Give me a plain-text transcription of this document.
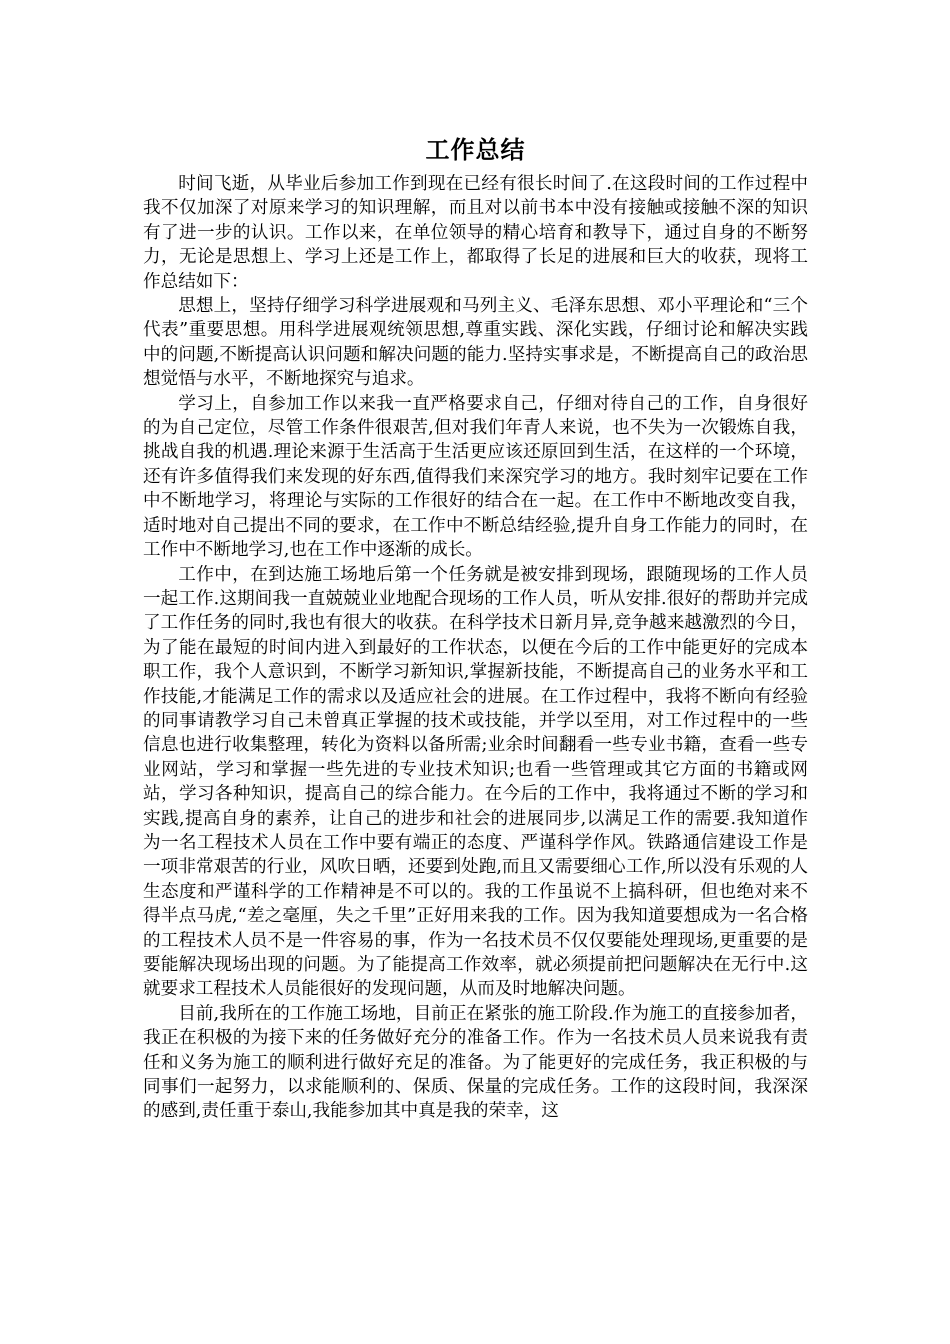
工作总结

时间飞逝，从毕业后参加工作到现在已经有很长时间了.在这段时间的工作过程中我不仅加深了对原来学习的知识理解，而且对以前书本中没有接触或接触不深的知识有了进一步的认识。工作以来，在单位领导的精心培育和教导下，通过自身的不断努力，无论是思想上、学习上还是工作上，都取得了长足的进展和巨大的收获，现将工作总结如下：

思想上，坚持仔细学习科学进展观和马列主义、毛泽东思想、邓小平理论和“三个代表”重要思想。用科学进展观统领思想,尊重实践、深化实践，仔细讨论和解决实践中的问题,不断提高认识问题和解决问题的能力.坚持实事求是，不断提高自己的政治思想觉悟与水平，不断地探究与追求。

学习上，自参加工作以来我一直严格要求自己，仔细对待自己的工作，自身很好的为自己定位，尽管工作条件很艰苦,但对我们年青人来说，也不失为一次锻炼自我，挑战自我的机遇.理论来源于生活高于生活更应该还原回到生活，在这样的一个环境，还有许多值得我们来发现的好东西,值得我们来深究学习的地方。我时刻牢记要在工作中不断地学习，将理论与实际的工作很好的结合在一起。在工作中不断地改变自我，适时地对自己提出不同的要求，在工作中不断总结经验,提升自身工作能力的同时，在工作中不断地学习,也在工作中逐渐的成长。

工作中，在到达施工场地后第一个任务就是被安排到现场，跟随现场的工作人员一起工作.这期间我一直兢兢业业地配合现场的工作人员，听从安排.很好的帮助并完成了工作任务的同时,我也有很大的收获。在科学技术日新月异,竞争越来越激烈的今日，为了能在最短的时间内进入到最好的工作状态，以便在今后的工作中能更好的完成本职工作，我个人意识到，不断学习新知识,掌握新技能，不断提高自己的业务水平和工作技能,才能满足工作的需求以及适应社会的进展。在工作过程中，我将不断向有经验的同事请教学习自己未曾真正掌握的技术或技能，并学以至用，对工作过程中的一些信息也进行收集整理，转化为资料以备所需;业余时间翻看一些专业书籍，查看一些专业网站，学习和掌握一些先进的专业技术知识;也看一些管理或其它方面的书籍或网站，学习各种知识，提高自己的综合能力。在今后的工作中，我将通过不断的学习和实践,提高自身的素养，让自己的进步和社会的进展同步,以满足工作的需要.我知道作为一名工程技术人员在工作中要有端正的态度、严谨科学作风。铁路通信建设工作是一项非常艰苦的行业，风吹日晒，还要到处跑,而且又需要细心工作,所以没有乐观的人生态度和严谨科学的工作精神是不可以的。我的工作虽说不上搞科研，但也绝对来不得半点马虎,“差之毫厘，失之千里”正好用来我的工作。因为我知道要想成为一名合格的工程技术人员不是一件容易的事，作为一名技术员不仅仅要能处理现场,更重要的是要能解决现场出现的问题。为了能提高工作效率，就必须提前把问题解决在无行中.这就要求工程技术人员能很好的发现问题，从而及时地解决问题。

目前,我所在的工作施工场地，目前正在紧张的施工阶段.作为施工的直接参加者，我正在积极的为接下来的任务做好充分的准备工作。作为一名技术员人员来说我有责任和义务为施工的顺利进行做好充足的准备。为了能更好的完成任务，我正积极的与同事们一起努力，以求能顺利的、保质、保量的完成任务。工作的这段时间，我深深的感到,责任重于泰山,我能参加其中真是我的荣幸，这
